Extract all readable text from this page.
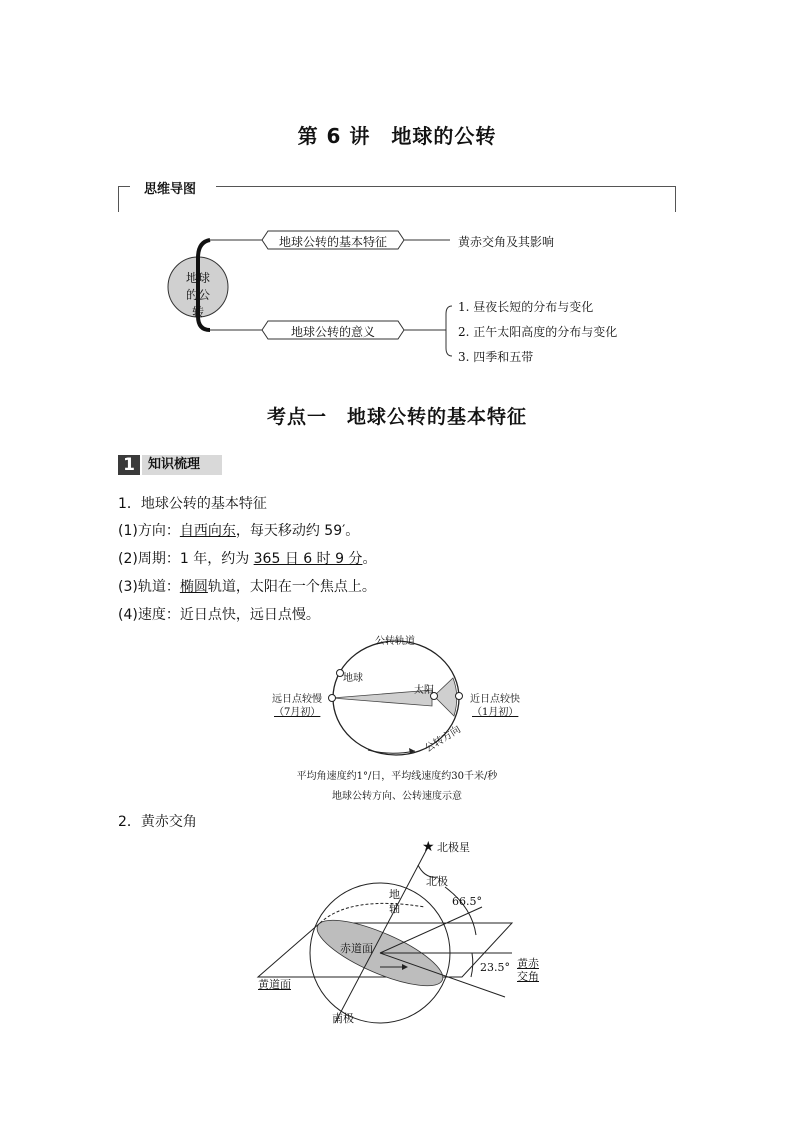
第 6 讲　地球的公转
思维导图
地球
的公转
地球公转的基本特征
地球公转的意义
黄赤交角及其影响
1. 昼夜长短的分布与变化
2. 正午太阳高度的分布与变化
3. 四季和五带
考点一　地球公转的基本特征
1	知识梳理
1．地球公转的基本特征
(1)方向：自西向东，每天移动约 59′。
(2)周期：1 年，约为 365 日 6 时 9 分。
(3)轨道：椭圆轨道，太阳在一个焦点上。
(4)速度：近日点快，远日点慢。
公转轨道
地球
太阳
远日点较慢
（7月初）
近日点较快
（1月初）
公转方向
平均角速度约1°/日，平均线速度约30千米/秒
地球公转方向、公转速度示意
2．黄赤交角
★ 北极星
北极
地
轴
66.5°
赤道面
23.5° 黄赤
交角
黄道面
南极
